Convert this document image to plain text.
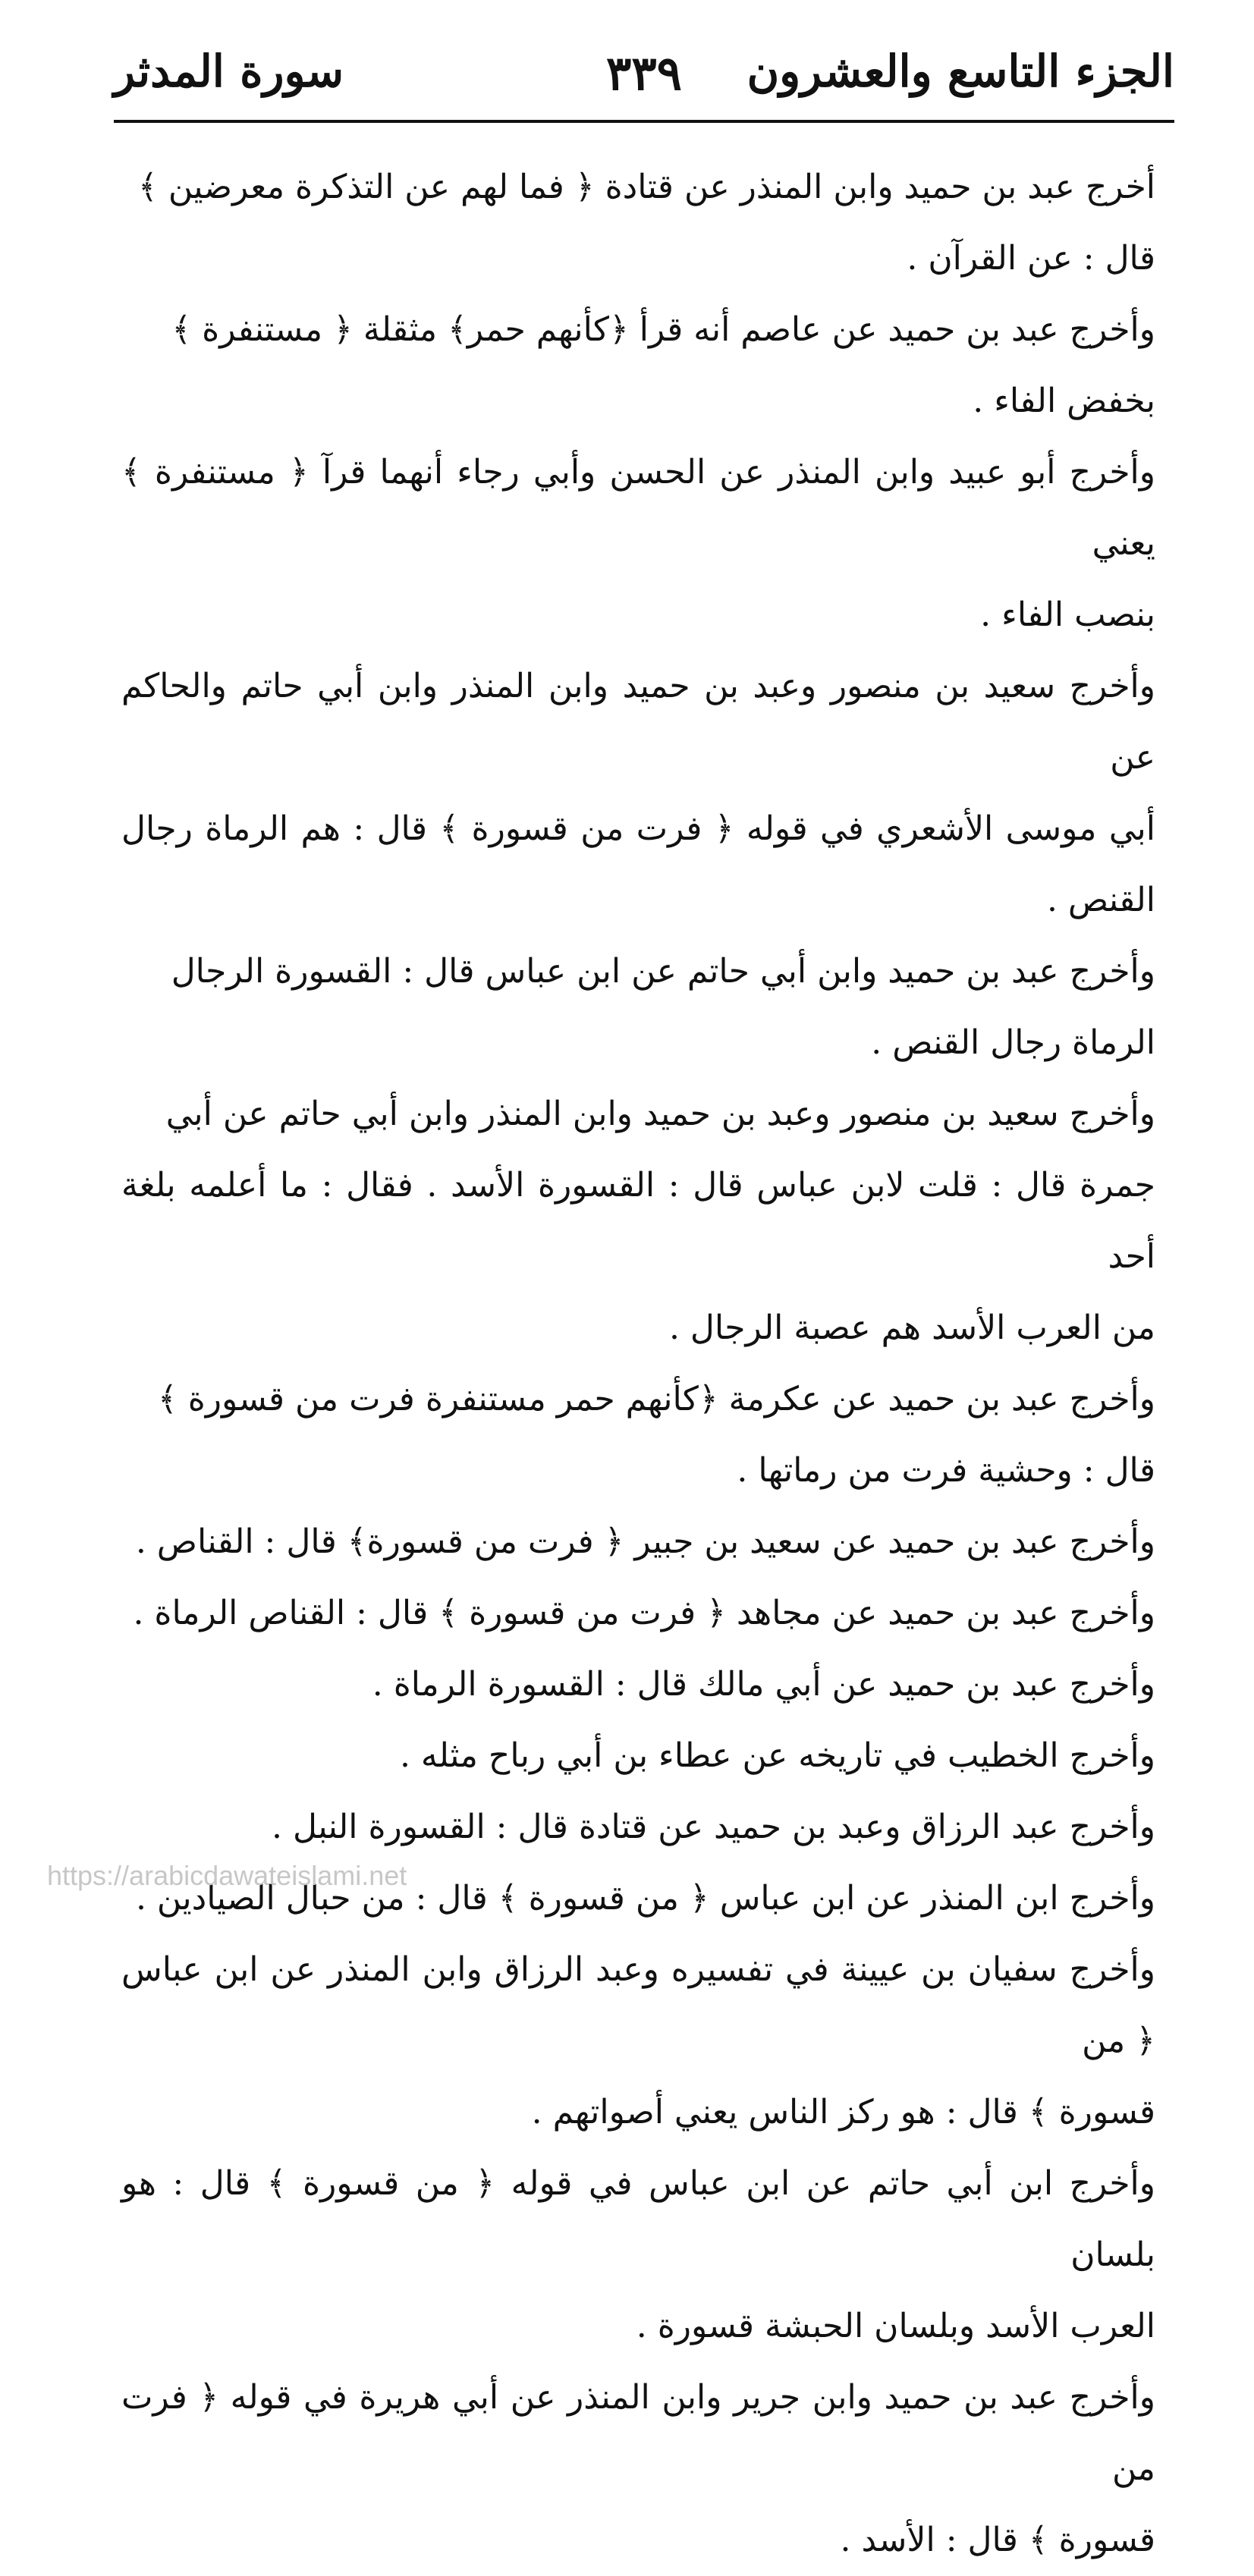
الجزء التاسع والعشرون
٣٣٩
سورة المدثر
أخرج عبد بن حميد وابن المنذر عن قتادة ﴿ فما لهم عن التذكرة معرضين ﴾
قال : عن القرآن .
وأخرج عبد بن حميد عن عاصم أنه قرأ ﴿كأنهم حمر﴾ مثقلة ﴿ مستنفرة ﴾
بخفض الفاء .
وأخرج أبو عبيد وابن المنذر عن الحسن وأبي رجاء أنهما قرآ ﴿ مستنفرة ﴾ يعني
بنصب الفاء .
وأخرج سعيد بن منصور وعبد بن حميد وابن المنذر وابن أبي حاتم والحاكم عن
أبي موسى الأشعري في قوله ﴿ فرت من قسورة ﴾ قال : هم الرماة رجال القنص .
وأخرج عبد بن حميد وابن أبي حاتم عن ابن عباس قال : القسورة الرجال
الرماة رجال القنص .
وأخرج سعيد بن منصور وعبد بن حميد وابن المنذر وابن أبي حاتم عن أبي
جمرة قال : قلت لابن عباس قال : القسورة الأسد . فقال : ما أعلمه بلغة أحد
من العرب الأسد هم عصبة الرجال .
وأخرج عبد بن حميد عن عكرمة ﴿كأنهم حمر مستنفرة فرت من قسورة ﴾
قال : وحشية فرت من رماتها .
وأخرج عبد بن حميد عن سعيد بن جبير ﴿ فرت من قسورة﴾ قال : القناص .
وأخرج عبد بن حميد عن مجاهد ﴿ فرت من قسورة ﴾ قال : القناص الرماة .
وأخرج عبد بن حميد عن أبي مالك قال : القسورة الرماة .
وأخرج الخطيب في تاريخه عن عطاء بن أبي رباح مثله .
وأخرج عبد الرزاق وعبد بن حميد عن قتادة قال : القسورة النبل .
وأخرج ابن المنذر عن ابن عباس ﴿ من قسورة ﴾ قال : من حبال الصيادين .
وأخرج سفيان بن عيينة في تفسيره وعبد الرزاق وابن المنذر عن ابن عباس ﴿ من
قسورة ﴾ قال : هو ركز الناس يعني أصواتهم .
وأخرج ابن أبي حاتم عن ابن عباس في قوله ﴿ من قسورة ﴾ قال : هو بلسان
العرب الأسد وبلسان الحبشة قسورة .
وأخرج عبد بن حميد وابن جرير وابن المنذر عن أبي هريرة في قوله ﴿ فرت من
قسورة ﴾ قال : الأسد .
https://arabicdawateislami.net
